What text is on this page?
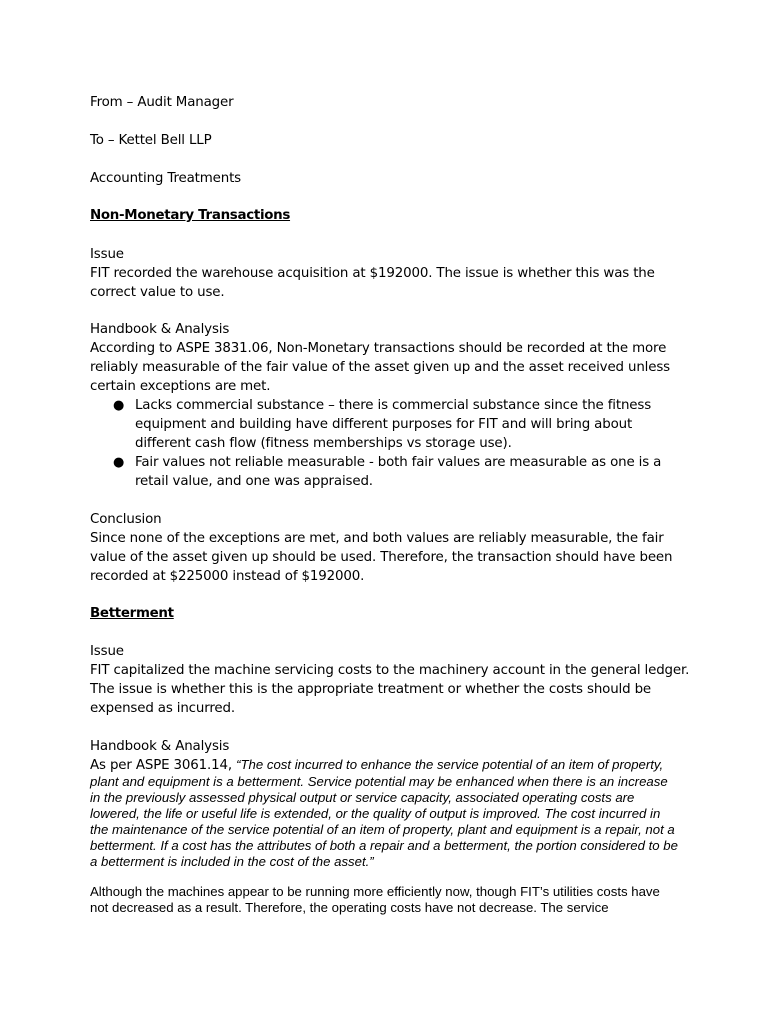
From – Audit Manager

To – Kettel Bell LLP

Accounting Treatments

Non-Monetary Transactions

Issue

FIT recorded the warehouse acquisition at $192000. The issue is whether this was the correct value to use.

Handbook & Analysis

According to ASPE 3831.06, Non-Monetary transactions should be recorded at the more reliably measurable of the fair value of the asset given up and the asset received unless certain exceptions are met.

● Lacks commercial substance – there is commercial substance since the fitness equipment and building have different purposes for FIT and will bring about different cash flow (fitness memberships vs storage use).
● Fair values not reliable measurable - both fair values are measurable as one is a retail value, and one was appraised.

Conclusion

Since none of the exceptions are met, and both values are reliably measurable, the fair value of the asset given up should be used. Therefore, the transaction should have been recorded at $225000 instead of $192000.

Betterment

Issue

FIT capitalized the machine servicing costs to the machinery account in the general ledger. The issue is whether this is the appropriate treatment or whether the costs should be expensed as incurred.

Handbook & Analysis

As per ASPE 3061.14, “The cost incurred to enhance the service potential of an item of property, plant and equipment is a betterment. Service potential may be enhanced when there is an increase in the previously assessed physical output or service capacity, associated operating costs are lowered, the life or useful life is extended, or the quality of output is improved. The cost incurred in the maintenance of the service potential of an item of property, plant and equipment is a repair, not a betterment. If a cost has the attributes of both a repair and a betterment, the portion considered to be a betterment is included in the cost of the asset.”

Although the machines appear to be running more efficiently now, though FIT’s utilities costs have not decreased as a result. Therefore, the operating costs have not decrease. The service
